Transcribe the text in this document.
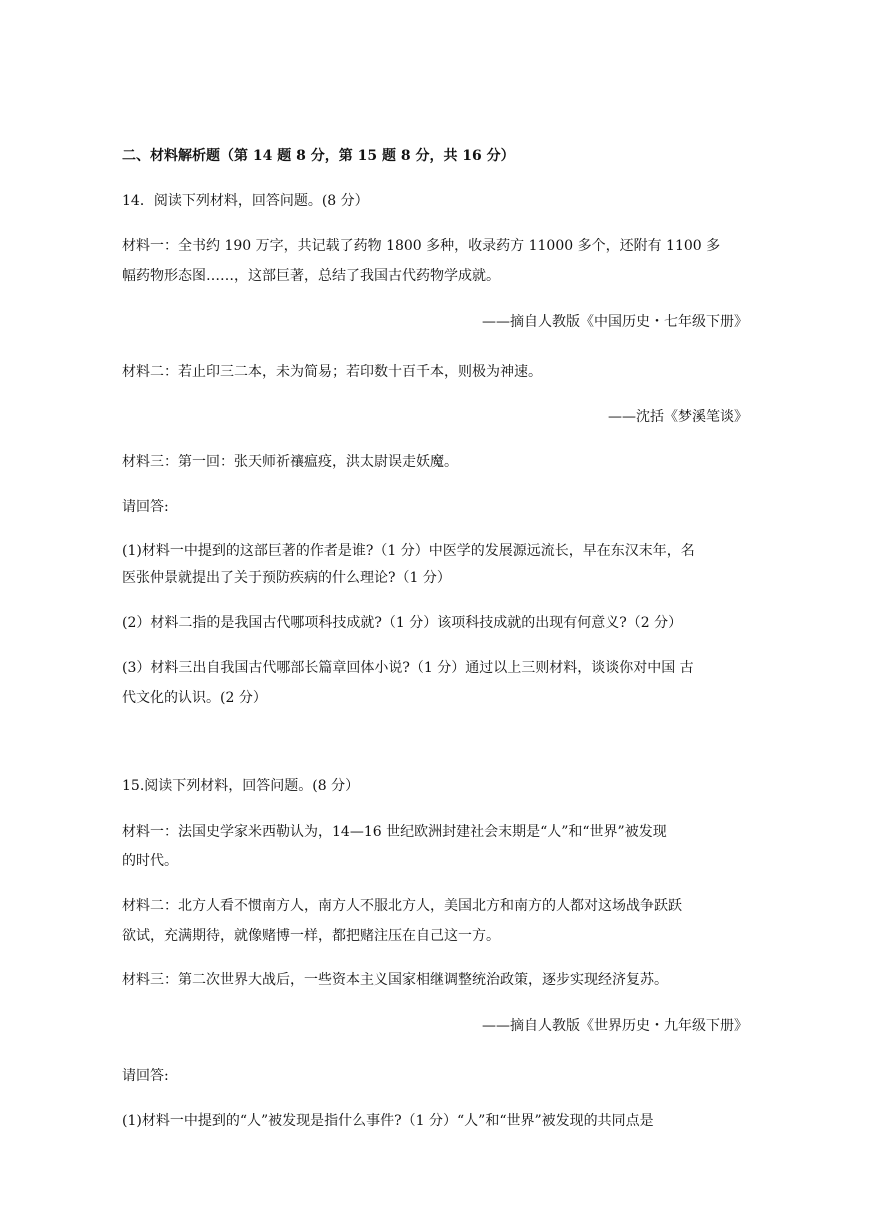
二、材料解析题（第 14 题 8 分，第 15 题 8 分，共 16 分）
14．阅读下列材料，回答问题。(8 分）
材料一：全书约 190 万字，共记载了药物 1800 多种，收录药方 11000 多个，还附有 1100 多
幅药物形态图……，这部巨著，总结了我国古代药物学成就。
——摘自人教版《中国历史・七年级下册》
材料二：若止印三二本，未为简易；若印数十百千本，则极为神速。
——沈括《梦溪笔谈》
材料三：第一回：张天师祈禳瘟疫，洪太尉误走妖魔。
请回答:
(1)材料一中提到的这部巨著的作者是谁?（1 分）中医学的发展源远流长，早在东汉末年，名
医张仲景就提出了关于预防疾病的什么理论?（1 分）
(2）材料二指的是我国古代哪项科技成就?（1 分）该项科技成就的出现有何意义?（2 分）
(3）材料三出自我国古代哪部长篇章回体小说?（1 分）通过以上三则材料，谈谈你对中国 古
代文化的认识。(2 分）
15.阅读下列材料，回答问题。(8 分）
材料一：法国史学家米西勒认为，14—16 世纪欧洲封建社会末期是“人”和“世界”被发现
的时代。
材料二：北方人看不惯南方人，南方人不服北方人，美国北方和南方的人都对这场战争跃跃
欲试，充满期待，就像赌博一样，都把赌注压在自己这一方。
材料三：第二次世界大战后，一些资本主义国家相继调整统治政策，逐步实现经济复苏。
——摘自人教版《世界历史・九年级下册》
请回答:
(1)材料一中提到的“人”被发现是指什么事件?（1 分）“人”和“世界”被发现的共同点是
